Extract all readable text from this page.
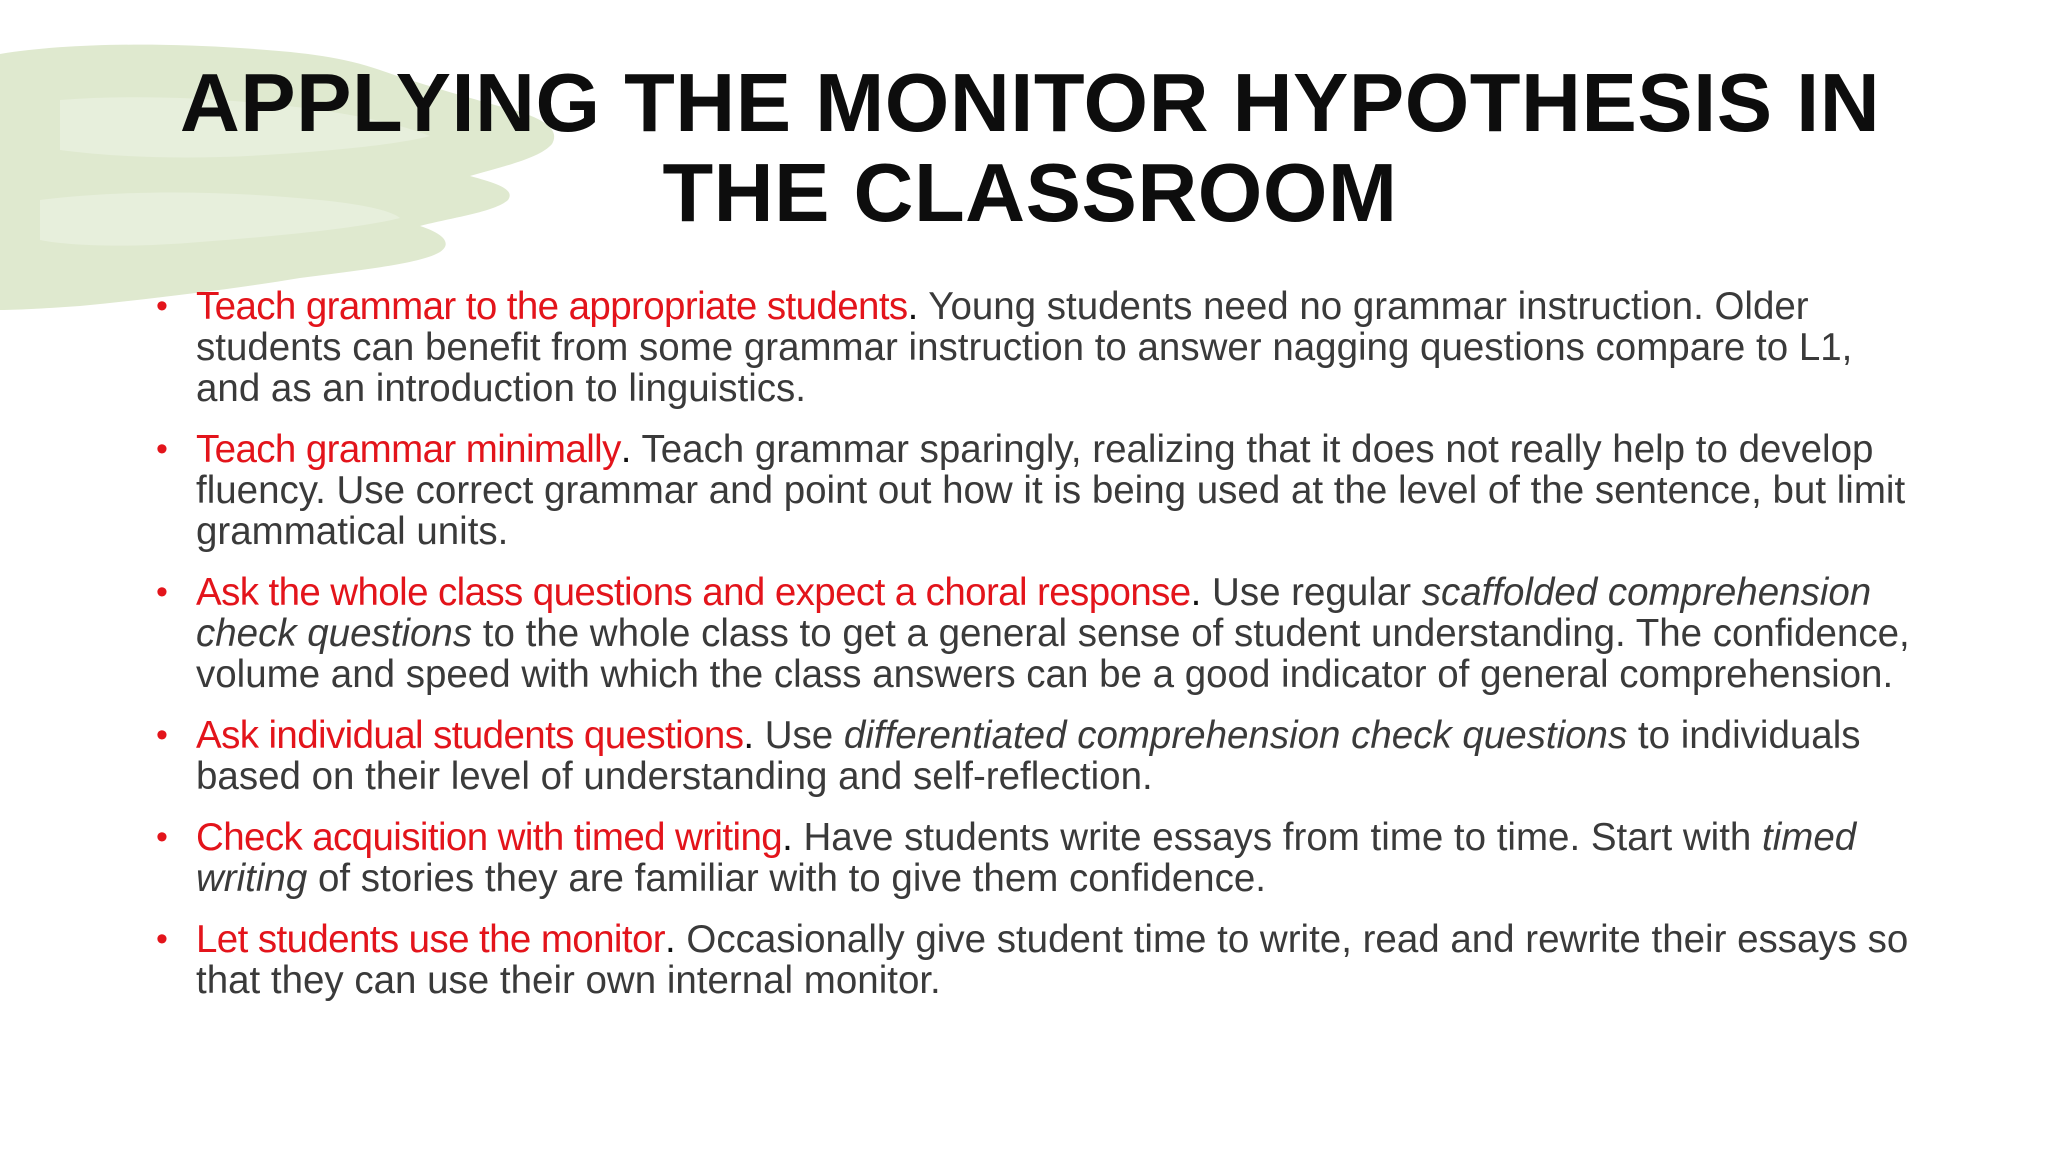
APPLYING THE MONITOR HYPOTHESIS IN THE CLASSROOM
• Teach grammar to the appropriate students. Young students need no grammar instruction. Older students can benefit from some grammar instruction to answer nagging questions compare to L1, and as an introduction to linguistics.
• Teach grammar minimally. Teach grammar sparingly, realizing that it does not really help to develop fluency. Use correct grammar and point out how it is being used at the level of the sentence, but limit grammatical units.
• Ask the whole class questions and expect a choral response. Use regular scaffolded comprehension check questions to the whole class to get a general sense of student understanding. The confidence, volume and speed with which the class answers can be a good indicator of general comprehension.
• Ask individual students questions. Use differentiated comprehension check questions to individuals based on their level of understanding and self-reflection.
• Check acquisition with timed writing. Have students write essays from time to time. Start with timed writing of stories they are familiar with to give them confidence.
• Let students use the monitor. Occasionally give student time to write, read and rewrite their essays so that they can use their own internal monitor.
